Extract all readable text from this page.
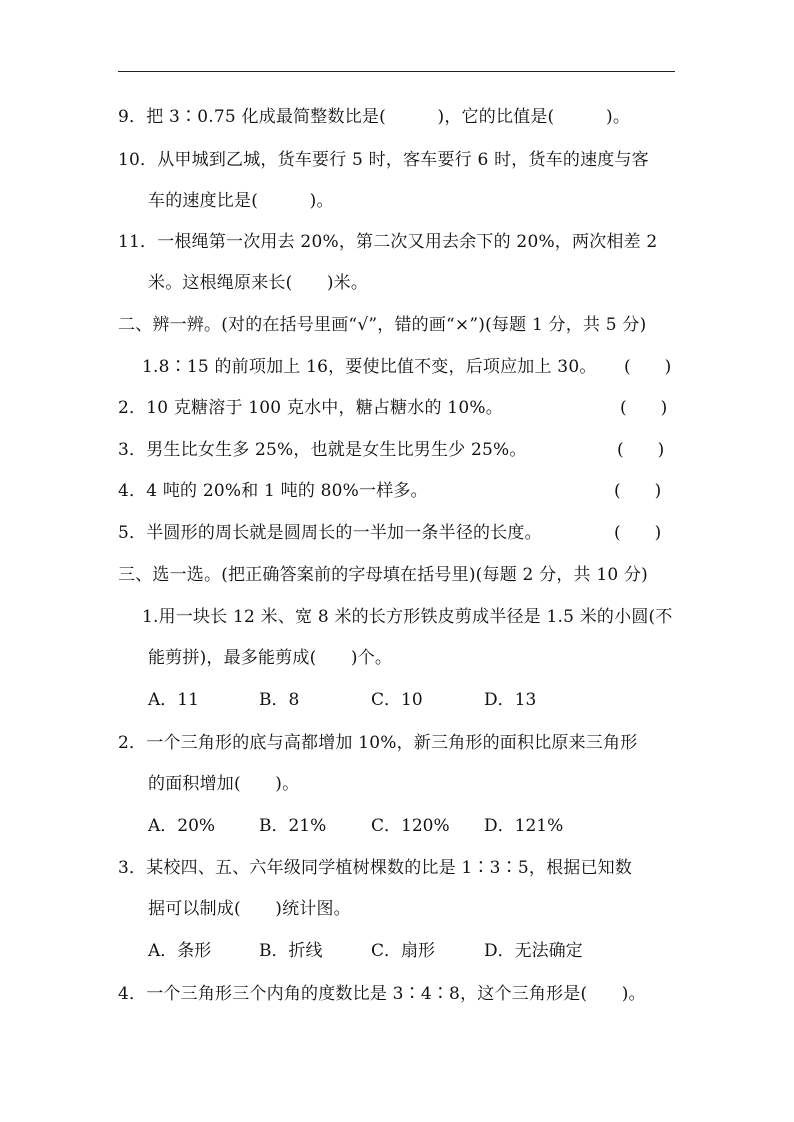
9．把 3∶0.75 化成最简整数比是(　　　)，它的比值是(　　　)。
10．从甲城到乙城，货车要行 5 时，客车要行 6 时，货车的速度与客
车的速度比是(　　　)。
11．一根绳第一次用去 20%，第二次又用去余下的 20%，两次相差 2
米。这根绳原来长(　　)米。
二、辨一辨。(对的在括号里画“√”，错的画“×”)(每题 1 分，共 5 分)
1.8∶15 的前项加上 16，要使比值不变，后项应加上 30。 (　　)
2．10 克糖溶于 100 克水中，糖占糖水的 10%。	(　　)
3．男生比女生多 25%，也就是女生比男生少 25%。	(　　)
4．4 吨的 20%和 1 吨的 80%一样多。	(　　)
5．半圆形的周长就是圆周长的一半加一条半径的长度。	(　　)
三、选一选。(把正确答案前的字母填在括号里)(每题 2 分，共 10 分)
1.用一块长 12 米、宽 8 米的长方形铁皮剪成半径是 1.5 米的小圆(不
能剪拼)，最多能剪成(　　)个。
A．11	B．8	C．10	D．13
2．一个三角形的底与高都增加 10%，新三角形的面积比原来三角形
的面积增加(　　)。
A．20%	B．21%	C．120% D．121%
3．某校四、五、六年级同学植树棵数的比是 1∶3∶5，根据已知数
据可以制成(　　)统计图。
A．条形	B．折线	C．扇形	D．无法确定
4．一个三角形三个内角的度数比是 3∶4∶8，这个三角形是(　　)。
